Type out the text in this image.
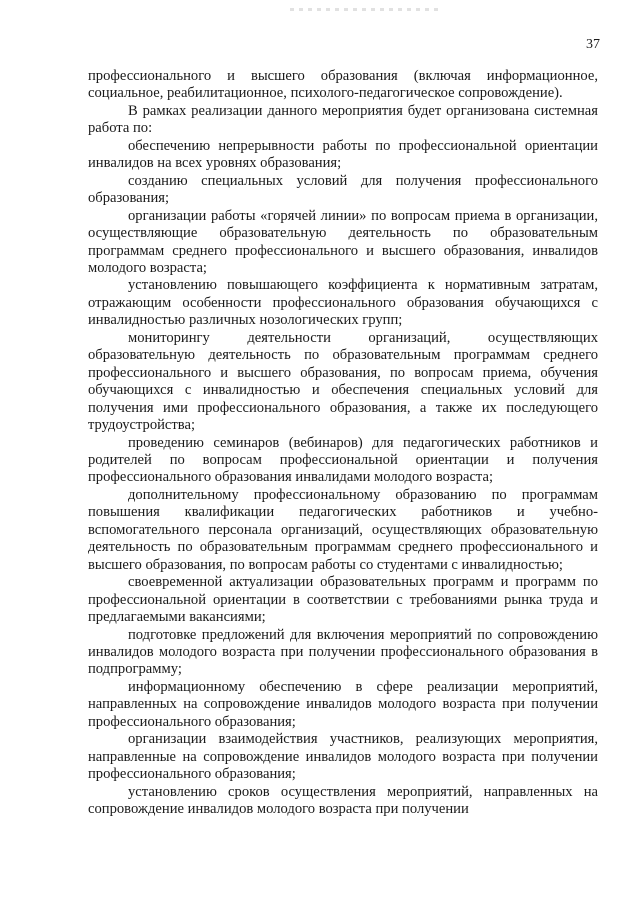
37

профессионального и высшего образования (включая информационное, социальное, реабилитационное, психолого-педагогическое сопровождение).

В рамках реализации данного мероприятия будет организована системная работа по:

обеспечению непрерывности работы по профессиональной ориентации инвалидов на всех уровнях образования;

созданию специальных условий для получения профессионального образования;

организации работы «горячей линии» по вопросам приема в организации, осуществляющие образовательную деятельность по образовательным программам среднего профессионального и высшего образования, инвалидов молодого возраста;

установлению повышающего коэффициента к нормативным затратам, отражающим особенности профессионального образования обучающихся с инвалидностью различных нозологических групп;

мониторингу деятельности организаций, осуществляющих образовательную деятельность по образовательным программам среднего профессионального и высшего образования, по вопросам приема, обучения обучающихся с инвалидностью и обеспечения специальных условий для получения ими профессионального образования, а также их последующего трудоустройства;

проведению семинаров (вебинаров) для педагогических работников и родителей по вопросам профессиональной ориентации и получения профессионального образования инвалидами молодого возраста;

дополнительному профессиональному образованию по программам повышения квалификации педагогических работников и учебно-вспомогательного персонала организаций, осуществляющих образовательную деятельность по образовательным программам среднего профессионального и высшего образования, по вопросам работы со студентами с инвалидностью;

своевременной актуализации образовательных программ и программ по профессиональной ориентации в соответствии с требованиями рынка труда и предлагаемыми вакансиями;

подготовке предложений для включения мероприятий по сопровождению инвалидов молодого возраста при получении профессионального образования в подпрограмму;

информационному обеспечению в сфере реализации мероприятий, направленных на сопровождение инвалидов молодого возраста при получении профессионального образования;

организации взаимодействия участников, реализующих мероприятия, направленные на сопровождение инвалидов молодого возраста при получении профессионального образования;

установлению сроков осуществления мероприятий, направленных на сопровождение инвалидов молодого возраста при получении
